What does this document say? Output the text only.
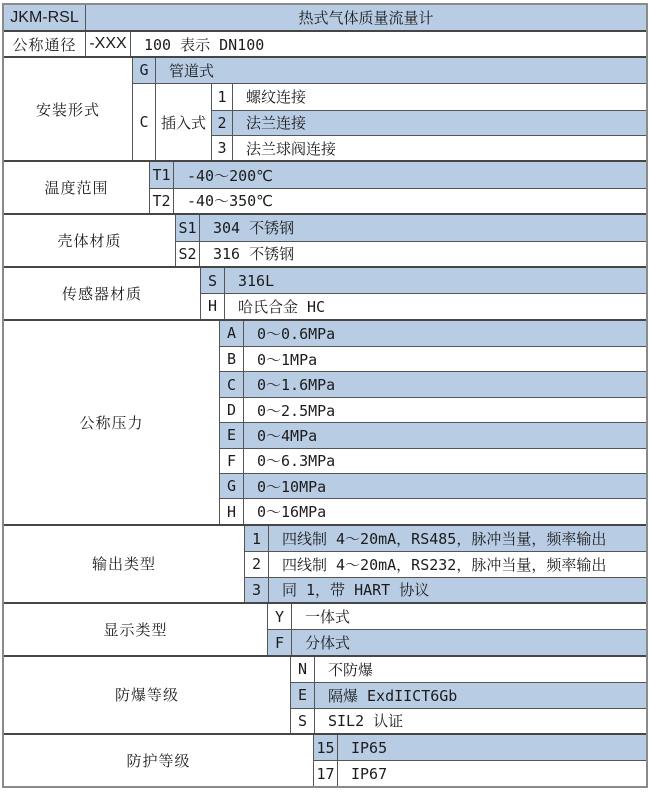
JKM-RSL	热式气体质量流量计
公称通径 -XXX	100 表示 DN100
安装形式
G	管道式
C 插入式
1	螺纹连接
2	法兰连接
3	法兰球阀连接
温度范围
T1	-40～200℃
T2	-40～350℃
壳体材质
S1	304 不锈钢
S2	316 不锈钢
传感器材质
S	316L
H	哈氏合金 HC
公称压力
A	0～0.6MPa
B	0～1MPa
C	0～1.6MPa
D	0～2.5MPa
E	0～4MPa
F	0～6.3MPa
G	0～10MPa
H	0～16MPa
输出类型
1	四线制 4～20mA，RS485，脉冲当量，频率输出
2	四线制 4～20mA，RS232，脉冲当量，频率输出
3	同 1，带 HART 协议
显示类型
Y	一体式
F	分体式
防爆等级
N	不防爆
E	隔爆 ExdIICT6Gb
S	SIL2 认证
防护等级
15	IP65
17	IP67
